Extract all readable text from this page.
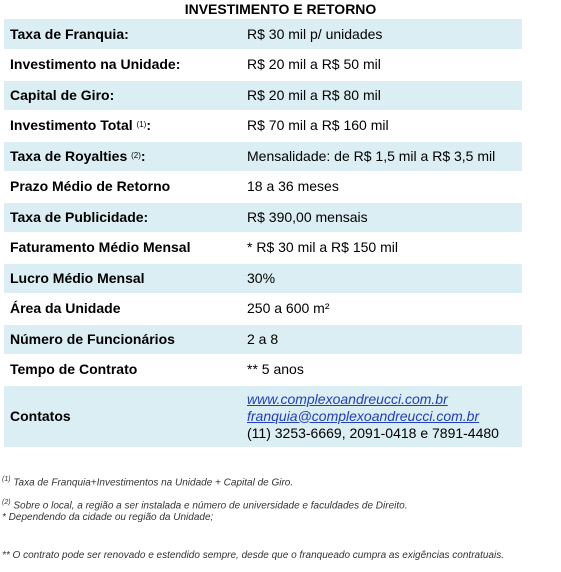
INVESTIMENTO E RETORNO
Taxa de Franquia:	R$ 30 mil p/ unidades
Investimento na Unidade:	R$ 20 mil a R$ 50 mil
Capital de Giro:	R$ 20 mil a R$ 80 mil
Investimento Total $^{(1)}$:	R$ 70 mil a R$ 160 mil
Taxa de Royalties $^{(2)}$:	Mensalidade: de R$ 1,5 mil a R$ 3,5 mil
Prazo Médio de Retorno	18 a 36 meses
Taxa de Publicidade:	R$ 390,00 mensais
Faturamento Médio Mensal	* R$ 30 mil a R$ 150 mil
Lucro Médio Mensal	30%
Área da Unidade	250 a 600 m²
Número de Funcionários	2 a 8
Tempo de Contrato	** 5 anos
Contatos	www.complexoandreucci.com.br
franquia@complexoandreucci.com.br
(11) 3253-6669, 2091-0418 e 7891-4480
$^{(1)}$ Taxa de Franquia+Investimentos na Unidade + Capital de Giro.
$^{(2)}$ Sobre o local, a região a ser instalada e número de universidade e faculdades de Direito.
* Dependendo da cidade ou região da Unidade;
** O contrato pode ser renovado e estendido sempre, desde que o franqueado cumpra as exigências contratuais.
